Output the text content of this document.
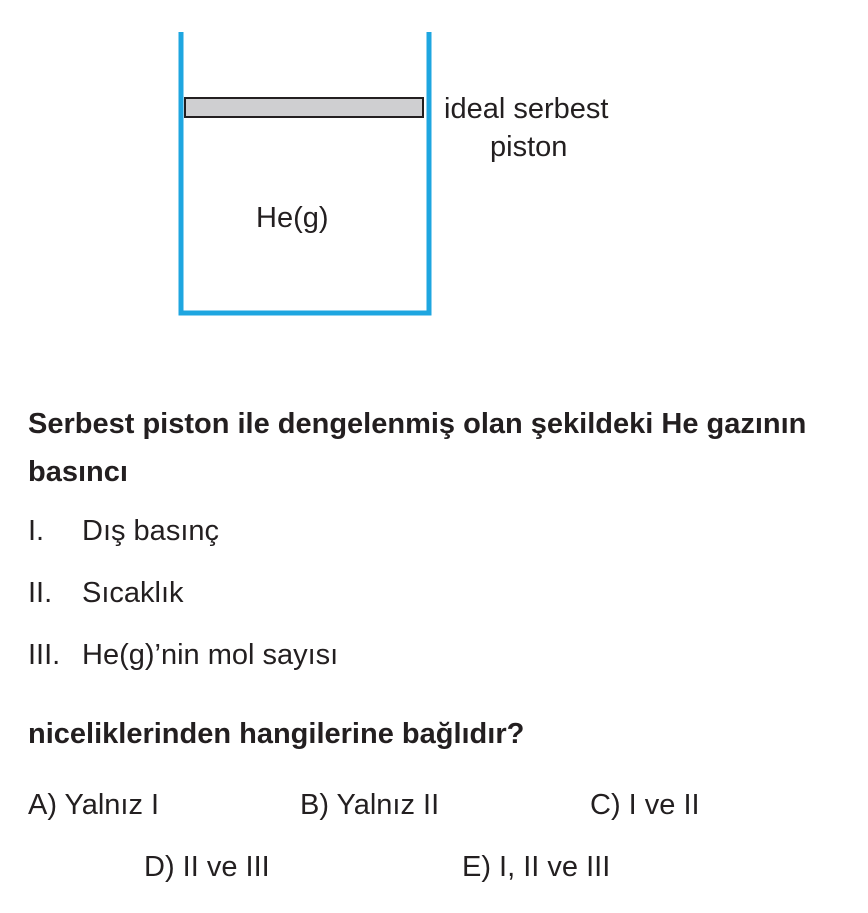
He(g)
ideal serbest
piston
Serbest piston ile dengelenmiş olan şekildeki He gazının basıncı
I. Dış basınç
II. Sıcaklık
III. He(g)’nin mol sayısı
niceliklerinden hangilerine bağlıdır?
A) Yalnız I	B) Yalnız II	C) I ve II
D) II ve III	E) I, II ve III
